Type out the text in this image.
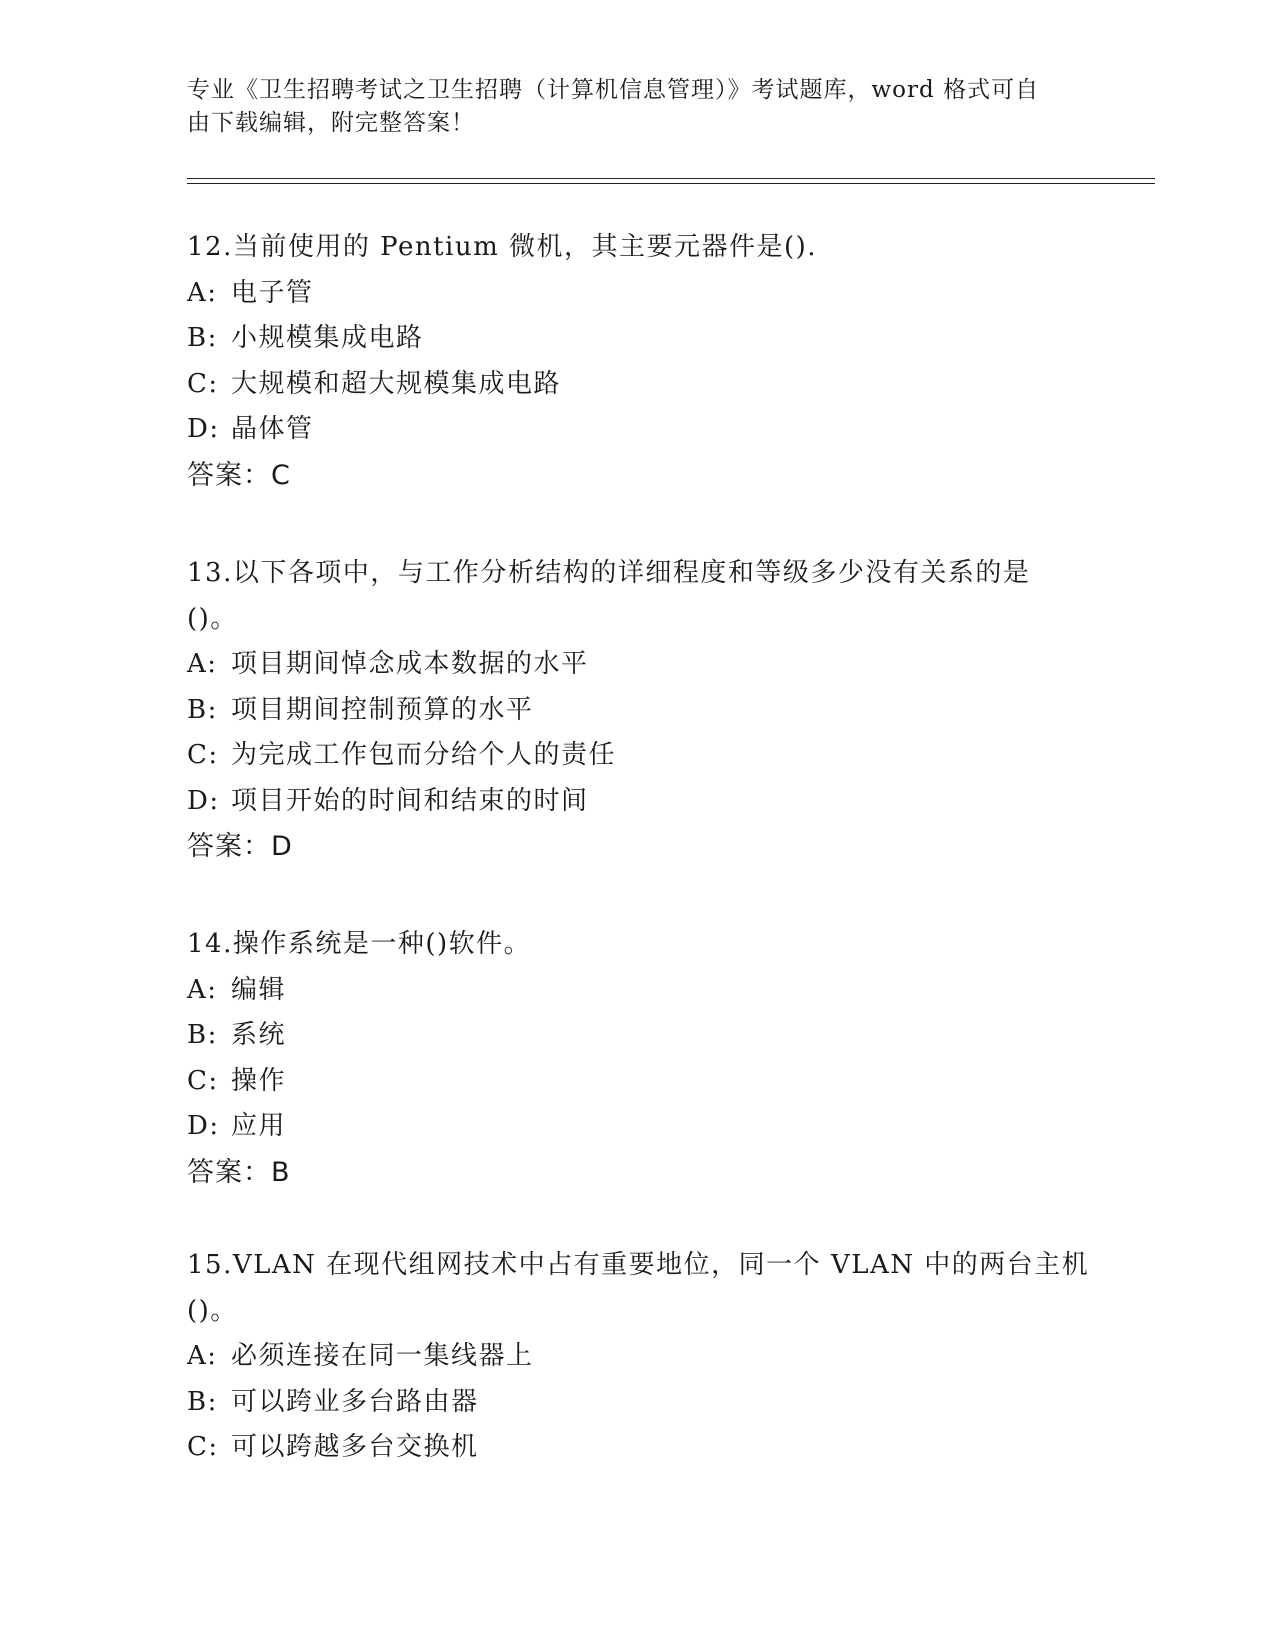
专业《卫生招聘考试之卫生招聘（计算机信息管理）》考试题库，word 格式可自
由下载编辑，附完整答案！
12.当前使用的 Pentium 微机，其主要元器件是().
A: 电子管
B: 小规模集成电路
C: 大规模和超大规模集成电路
D: 晶体管
答案：C
13.以下各项中，与工作分析结构的详细程度和等级多少没有关系的是
()。
A: 项目期间悼念成本数据的水平
B: 项目期间控制预算的水平
C: 为完成工作包而分给个人的责任
D: 项目开始的时间和结束的时间
答案：D
14.操作系统是一种()软件。
A: 编辑
B: 系统
C: 操作
D: 应用
答案：B
15.VLAN 在现代组网技术中占有重要地位，同一个 VLAN 中的两台主机
()。
A: 必须连接在同一集线器上
B: 可以跨业多台路由器
C: 可以跨越多台交换机
